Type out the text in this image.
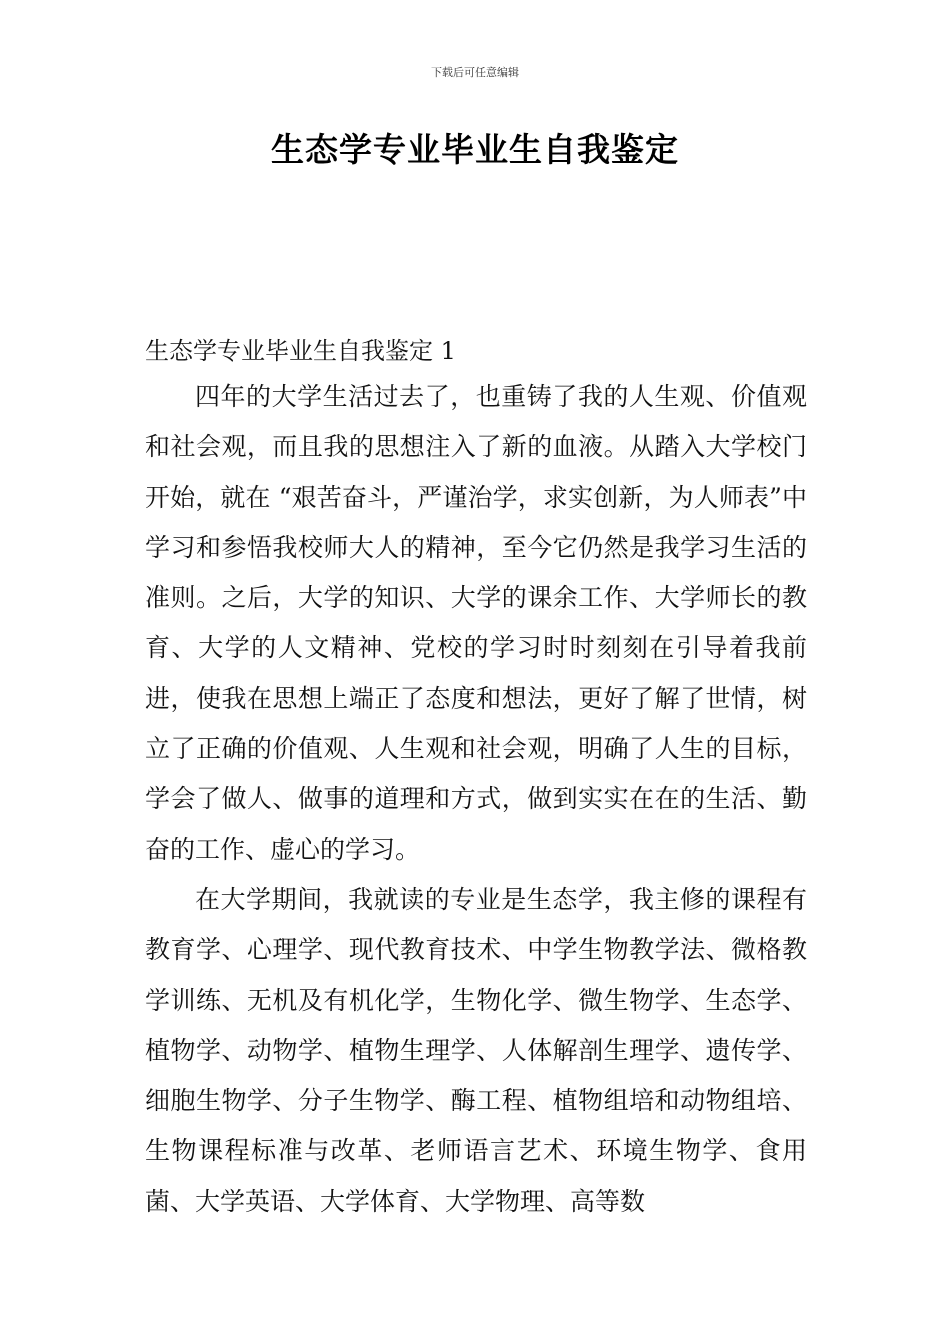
下载后可任意编辑
生态学专业毕业生自我鉴定
生态学专业毕业生自我鉴定 1

四年的大学生活过去了，也重铸了我的人生观、价值观和社会观，而且我的思想注入了新的血液。从踏入大学校门开始，就在 “艰苦奋斗，严谨治学，求实创新，为人师表”中学习和参悟我校师大人的精神，至今它仍然是我学习生活的准则。之后，大学的知识、大学的课余工作、大学师长的教育、大学的人文精神、党校的学习时时刻刻在引导着我前进，使我在思想上端正了态度和想法，更好了解了世情，树立了正确的价值观、人生观和社会观，明确了人生的目标，学会了做人、做事的道理和方式，做到实实在在的生活、勤奋的工作、虚心的学习。

在大学期间，我就读的专业是生态学，我主修的课程有教育学、心理学、现代教育技术、中学生物教学法、微格教学训练、无机及有机化学，生物化学、微生物学、生态学、植物学、动物学、植物生理学、人体解剖生理学、遗传学、细胞生物学、分子生物学、酶工程、植物组培和动物组培、生物课程标准与改革、老师语言艺术、环境生物学、食用菌、大学英语、大学体育、大学物理、高等数
